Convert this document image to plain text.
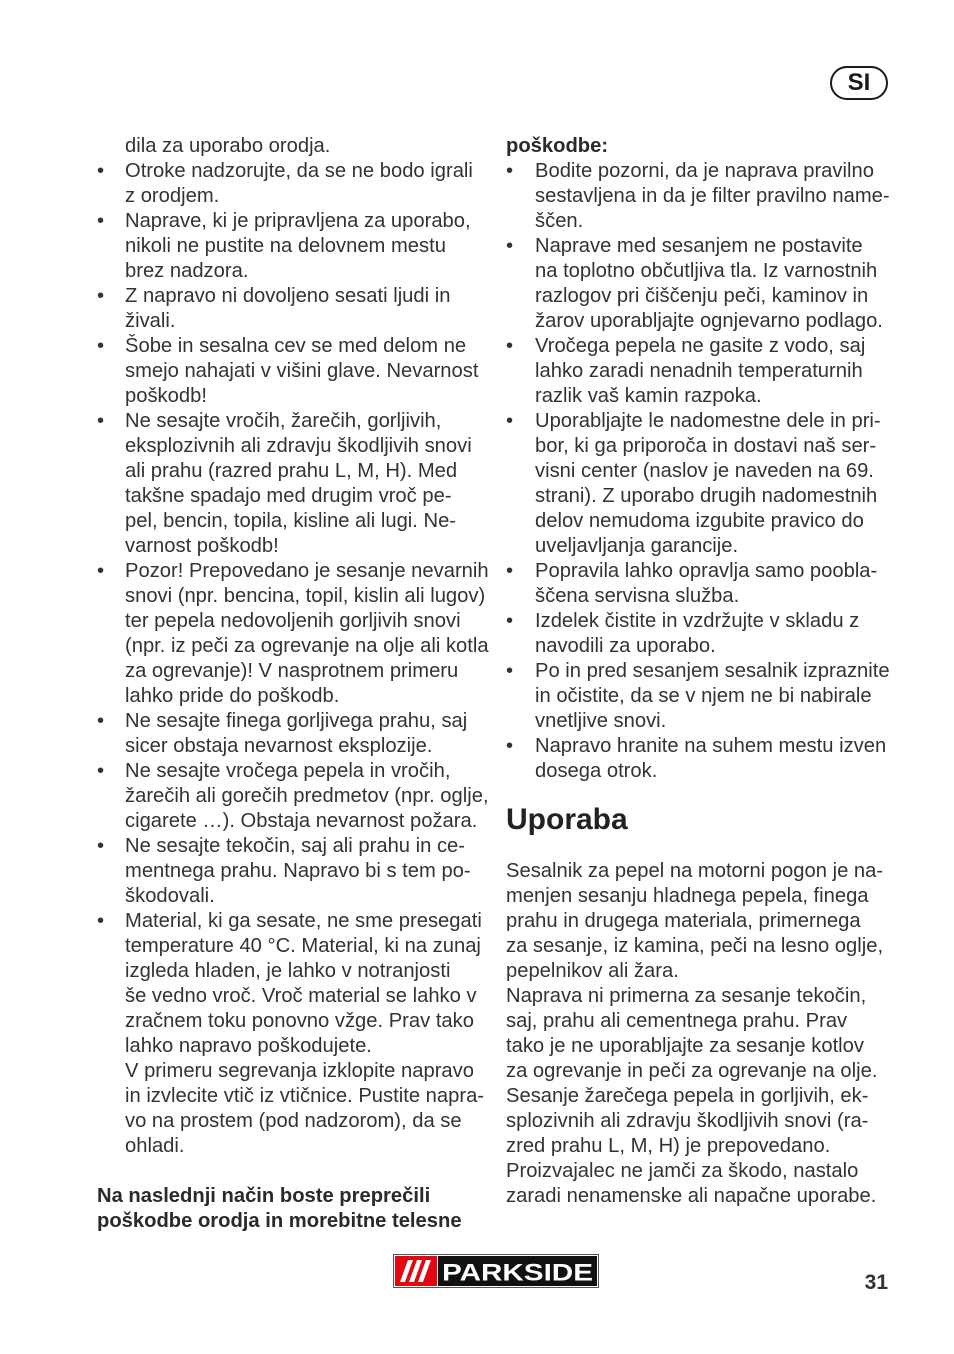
SI
dila za uporabo orodja.
• Otroke nadzorujte, da se ne bodo igrali
z orodjem.
• Naprave, ki je pripravljena za uporabo,
nikoli ne pustite na delovnem mestu
brez nadzora.
• Z napravo ni dovoljeno sesati ljudi in
živali.
• Šobe in sesalna cev se med delom ne
smejo nahajati v višini glave. Nevarnost
poškodb!
• Ne sesajte vročih, žarečih, gorljivih,
eksplozivnih ali zdravju škodljivih snovi
ali prahu (razred prahu L, M, H). Med
takšne spadajo med drugim vroč pe-
pel, bencin, topila, kisline ali lugi. Ne-
varnost poškodb!
• Pozor! Prepovedano je sesanje nevarnih
snovi (npr. bencina, topil, kislin ali lugov)
ter pepela nedovoljenih gorljivih snovi
(npr. iz peči za ogrevanje na olje ali kotla
za ogrevanje)! V nasprotnem primeru
lahko pride do poškodb.
• Ne sesajte finega gorljivega prahu, saj
sicer obstaja nevarnost eksplozije.
• Ne sesajte vročega pepela in vročih,
žarečih ali gorečih predmetov (npr. oglje,
cigarete …). Obstaja nevarnost požara.
• Ne sesajte tekočin, saj ali prahu in ce-
mentnega prahu. Napravo bi s tem po-
škodovali.
• Material, ki ga sesate, ne sme presegati
temperature 40 °C. Material, ki na zunaj
izgleda hladen, je lahko v notranjosti
še vedno vroč. Vroč material se lahko v
zračnem toku ponovno vžge. Prav tako
lahko napravo poškodujete.
V primeru segrevanja izklopite napravo
in izvlecite vtič iz vtičnice. Pustite napra-
vo na prostem (pod nadzorom), da se
ohladi.
Na naslednji način boste preprečili
poškodbe orodja in morebitne telesne
poškodbe:
• Bodite pozorni, da je naprava pravilno
sestavljena in da je filter pravilno name-
ščen.
• Naprave med sesanjem ne postavite
na toplotno občutljiva tla. Iz varnostnih
razlogov pri čiščenju peči, kaminov in
žarov uporabljajte ognjevarno podlago.
• Vročega pepela ne gasite z vodo, saj
lahko zaradi nenadnih temperaturnih
razlik vaš kamin razpoka.
• Uporabljajte le nadomestne dele in pri-
bor, ki ga priporoča in dostavi naš ser-
visni center (naslov je naveden na 69.
strani). Z uporabo drugih nadomestnih
delov nemudoma izgubite pravico do
uveljavljanja garancije.
• Popravila lahko opravlja samo poobla-
ščena servisna služba.
• Izdelek čistite in vzdržujte v skladu z
navodili za uporabo.
• Po in pred sesanjem sesalnik izpraznite
in očistite, da se v njem ne bi nabirale
vnetljive snovi.
• Napravo hranite na suhem mestu izven
dosega otrok.
Uporaba
Sesalnik za pepel na motorni pogon je na-
menjen sesanju hladnega pepela, finega
prahu in drugega materiala, primernega
za sesanje, iz kamina, peči na lesno oglje,
pepelnikov ali žara.
Naprava ni primerna za sesanje tekočin,
saj, prahu ali cementnega prahu. Prav
tako je ne uporabljajte za sesanje kotlov
za ogrevanje in peči za ogrevanje na olje.
Sesanje žarečega pepela in gorljivih, ek-
splozivnih ali zdravju škodljivih snovi (ra-
zred prahu L, M, H) je prepovedano.
Proizvajalec ne jamči za škodo, nastalo
zaradi nenamenske ali napačne uporabe.
PARKSIDE	31
